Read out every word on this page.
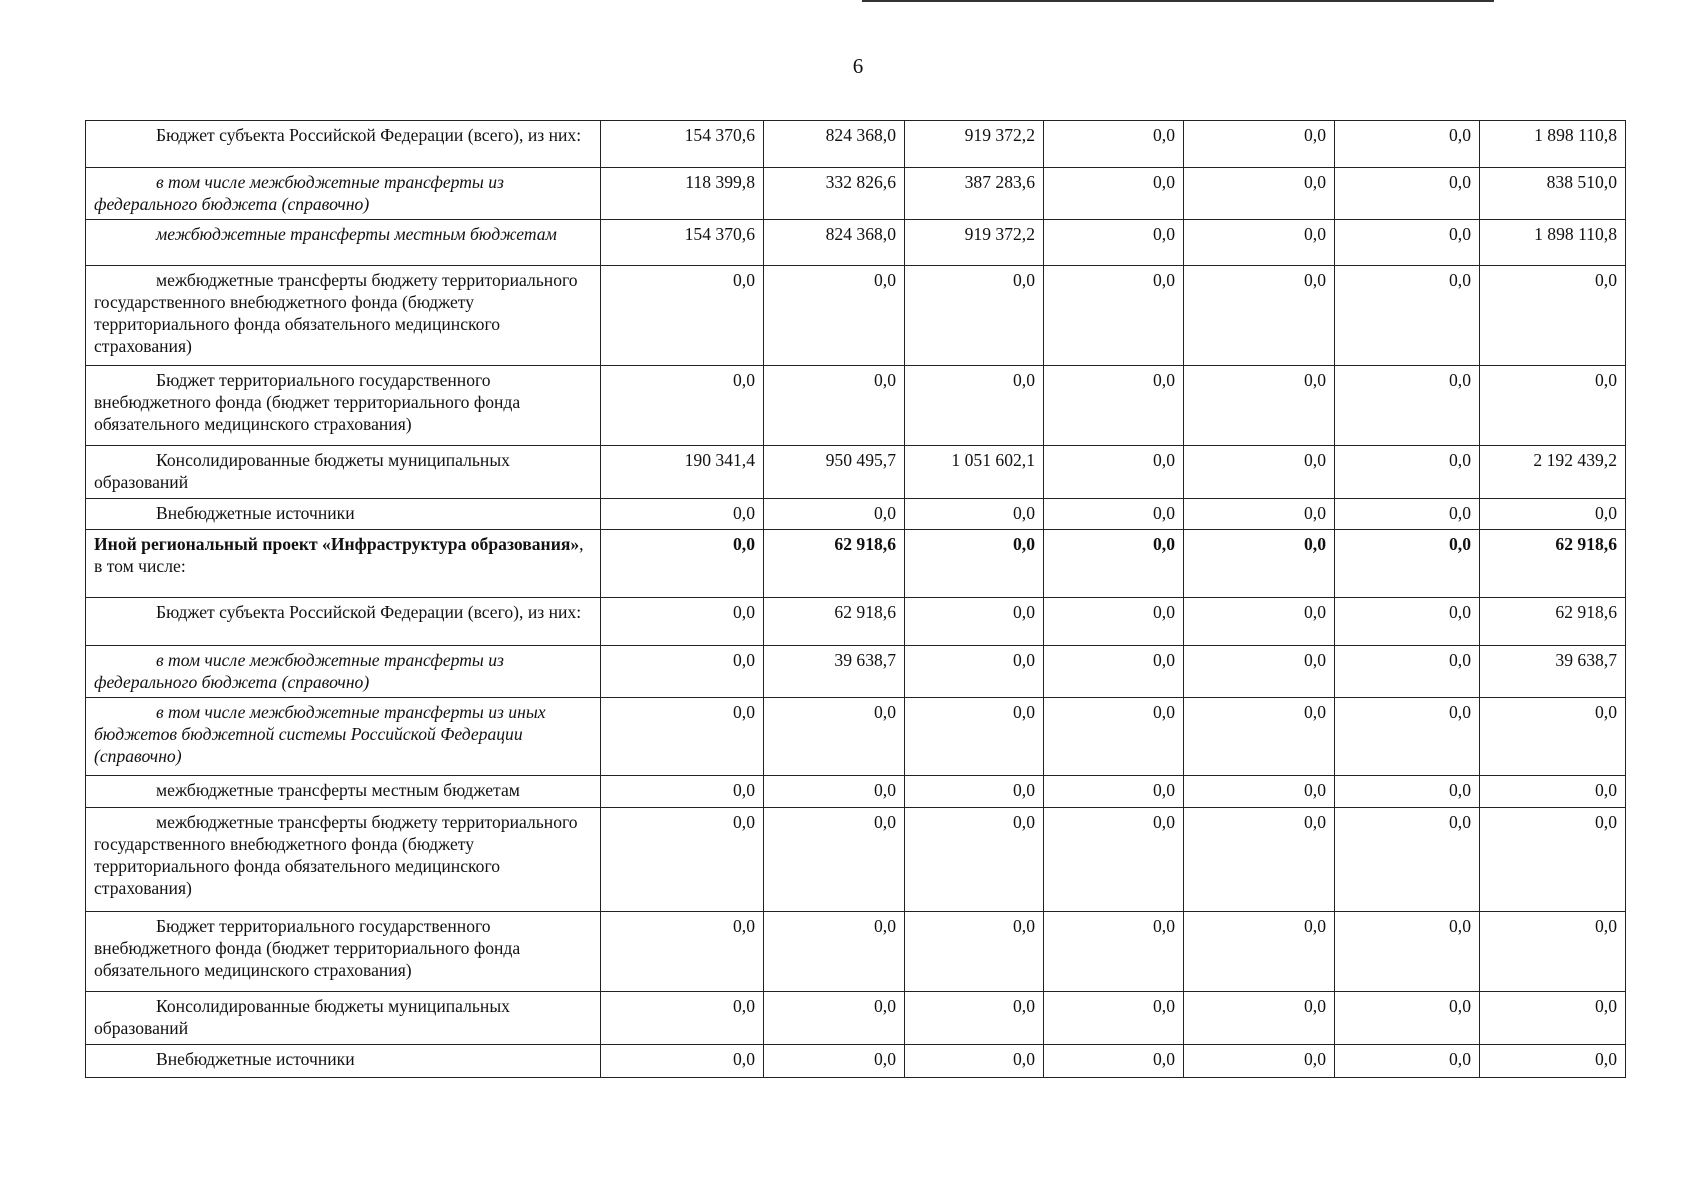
6
Бюджет субъекта Российской Федерации (всего), из них:	154 370,6	824 368,0	919 372,2	0,0	0,0	0,0	1 898 110,8
в том числе межбюджетные трансферты из федерального бюджета (справочно)	118 399,8	332 826,6	387 283,6	0,0	0,0	0,0	838 510,0
межбюджетные трансферты местным бюджетам	154 370,6	824 368,0	919 372,2	0,0	0,0	0,0	1 898 110,8
межбюджетные трансферты бюджету территориального государственного внебюджетного фонда (бюджету территориального фонда обязательного медицинского страхования)	0,0	0,0	0,0	0,0	0,0	0,0	0,0
Бюджет территориального государственного внебюджетного фонда (бюджет территориального фонда обязательного медицинского страхования)	0,0	0,0	0,0	0,0	0,0	0,0	0,0
Консолидированные бюджеты муниципальных образований	190 341,4	950 495,7	1 051 602,1	0,0	0,0	0,0	2 192 439,2
Внебюджетные источники	0,0	0,0	0,0	0,0	0,0	0,0	0,0
Иной региональный проект «Инфраструктура образования», в том числе:	0,0	62 918,6	0,0	0,0	0,0	0,0	62 918,6
Бюджет субъекта Российской Федерации (всего), из них:	0,0	62 918,6	0,0	0,0	0,0	0,0	62 918,6
в том числе межбюджетные трансферты из федерального бюджета (справочно)	0,0	39 638,7	0,0	0,0	0,0	0,0	39 638,7
в том числе межбюджетные трансферты из иных бюджетов бюджетной системы Российской Федерации (справочно)	0,0	0,0	0,0	0,0	0,0	0,0	0,0
межбюджетные трансферты местным бюджетам	0,0	0,0	0,0	0,0	0,0	0,0	0,0
межбюджетные трансферты бюджету территориального государственного внебюджетного фонда (бюджету территориального фонда обязательного медицинского страхования)	0,0	0,0	0,0	0,0	0,0	0,0	0,0
Бюджет территориального государственного внебюджетного фонда (бюджет территориального фонда обязательного медицинского страхования)	0,0	0,0	0,0	0,0	0,0	0,0	0,0
Консолидированные бюджеты муниципальных образований	0,0	0,0	0,0	0,0	0,0	0,0	0,0
Внебюджетные источники	0,0	0,0	0,0	0,0	0,0	0,0	0,0
